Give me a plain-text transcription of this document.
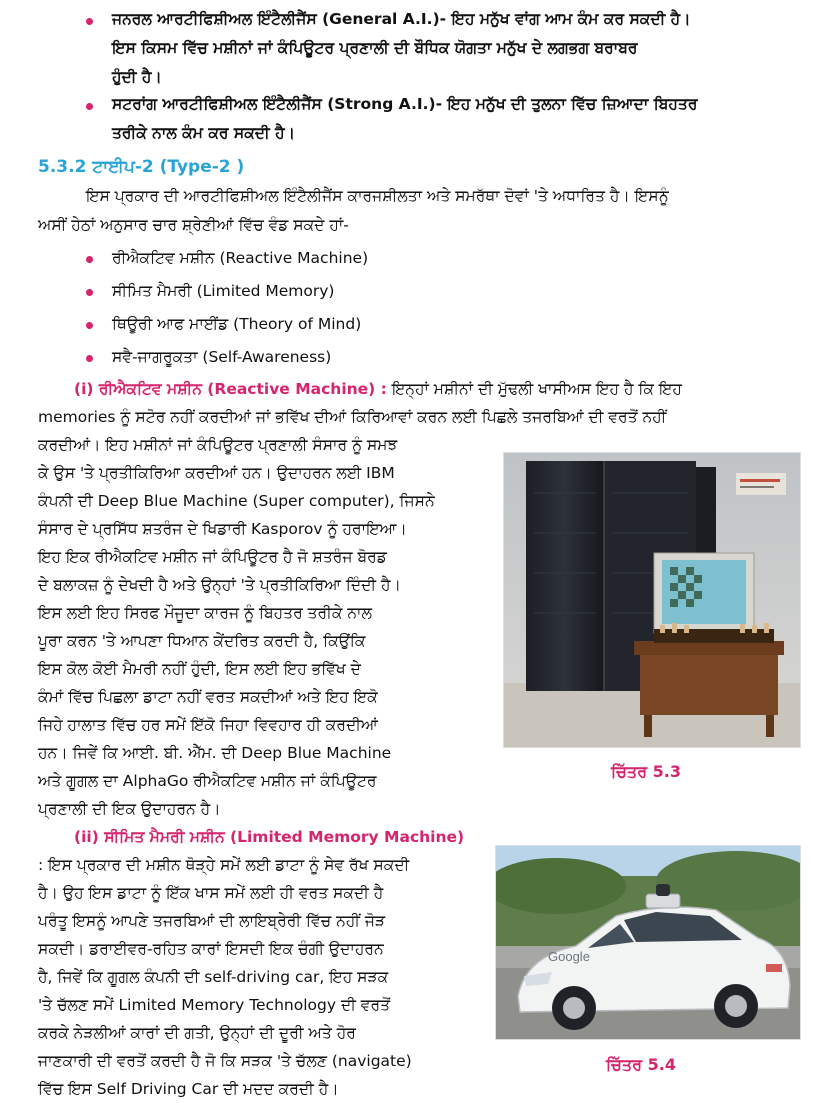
ਜਨਰਲ ਆਰਟੀਫਿਸ਼ੀਅਲ ਇੰਟੈਲੀਜੈਂਸ (General A.I.)- ਇਹ ਮਨੁੱਖ ਵਾਂਗ ਆਮ ਕੰਮ ਕਰ ਸਕਦੀ ਹੈ।
ਇਸ ਕਿਸਮ ਵਿੱਚ ਮਸ਼ੀਨਾਂ ਜਾਂ ਕੰਪਿਊਟਰ ਪ੍ਰਣਾਲੀ ਦੀ ਬੌਧਿਕ ਯੋਗਤਾ ਮਨੁੱਖ ਦੇ ਲਗਭਗ ਬਰਾਬਰ
ਹੁੰਦੀ ਹੈ।
ਸਟਰਾਂਗ ਆਰਟੀਫਿਸ਼ੀਅਲ ਇੰਟੈਲੀਜੈਂਸ (Strong A.I.)- ਇਹ ਮਨੁੱਖ ਦੀ ਤੁਲਨਾ ਵਿੱਚ ਜ਼ਿਆਦਾ ਬਿਹਤਰ
ਤਰੀਕੇ ਨਾਲ ਕੰਮ ਕਰ ਸਕਦੀ ਹੈ।
5.3.2 ਟਾਈਪ-2 (Type-2 )
ਇਸ ਪ੍ਰਕਾਰ ਦੀ ਆਰਟੀਫਿਸ਼ੀਅਲ ਇੰਟੈਲੀਜੈਂਸ ਕਾਰਜਸ਼ੀਲਤਾ ਅਤੇ ਸਮਰੱਥਾ ਦੋਵਾਂ 'ਤੇ ਅਧਾਰਿਤ ਹੈ। ਇਸਨੂੰ
ਅਸੀਂ ਹੇਠਾਂ ਅਨੁਸਾਰ ਚਾਰ ਸ਼੍ਰੇਣੀਆਂ ਵਿੱਚ ਵੰਡ ਸਕਦੇ ਹਾਂ-
ਰੀਐਕਟਿਵ ਮਸ਼ੀਨ (Reactive Machine)
ਸੀਮਿਤ ਮੈਮਰੀ (Limited Memory)
ਥਿਊਰੀ ਆਫ ਮਾਈਂਡ (Theory of Mind)
ਸਵੈ-ਜਾਗਰੂਕਤਾ (Self-Awareness)
(i) ਰੀਐਕਟਿਵ ਮਸ਼ੀਨ (Reactive Machine) : ਇਨ੍ਹਾਂ ਮਸ਼ੀਨਾਂ ਦੀ ਮੁੱਢਲੀ ਖਾਸੀਅਸ ਇਹ ਹੈ ਕਿ ਇਹ
memories ਨੂੰ ਸਟੋਰ ਨਹੀਂ ਕਰਦੀਆਂ ਜਾਂ ਭਵਿੱਖ ਦੀਆਂ ਕਿਰਿਆਵਾਂ ਕਰਨ ਲਈ ਪਿਛਲੇ ਤਜਰਬਿਆਂ ਦੀ ਵਰਤੋਂ ਨਹੀਂ
ਕਰਦੀਆਂ। ਇਹ ਮਸ਼ੀਨਾਂ ਜਾਂ ਕੰਪਿਊਟਰ ਪ੍ਰਣਾਲੀ ਸੰਸਾਰ ਨੂੰ ਸਮਝ
ਕੇ ਉਸ 'ਤੇ ਪ੍ਰਤੀਕਿਰਿਆ ਕਰਦੀਆਂ ਹਨ। ਉਦਾਹਰਨ ਲਈ IBM
ਕੰਪਨੀ ਦੀ Deep Blue Machine (Super computer), ਜਿਸਨੇ
ਸੰਸਾਰ ਦੇ ਪ੍ਰਸਿੱਧ ਸ਼ਤਰੰਜ ਦੇ ਖਿਡਾਰੀ Kasporov ਨੂੰ ਹਰਾਇਆ।
ਇਹ ਇਕ ਰੀਐਕਟਿਵ ਮਸ਼ੀਨ ਜਾਂ ਕੰਪਿਊਟਰ ਹੈ ਜੋ ਸ਼ਤਰੰਜ ਬੋਰਡ
ਦੇ ਬਲਾਕਜ਼ ਨੂੰ ਦੇਖਦੀ ਹੈ ਅਤੇ ਉਨ੍ਹਾਂ 'ਤੇ ਪ੍ਰਤੀਕਿਰਿਆ ਦਿੰਦੀ ਹੈ।
ਇਸ ਲਈ ਇਹ ਸਿਰਫ ਮੌਜੂਦਾ ਕਾਰਜ ਨੂੰ ਬਿਹਤਰ ਤਰੀਕੇ ਨਾਲ
ਪੂਰਾ ਕਰਨ 'ਤੇ ਆਪਣਾ ਧਿਆਨ ਕੇਂਦਰਿਤ ਕਰਦੀ ਹੈ, ਕਿਉਂਕਿ
ਇਸ ਕੋਲ ਕੋਈ ਮੈਮਰੀ ਨਹੀਂ ਹੁੰਦੀ, ਇਸ ਲਈ ਇਹ ਭਵਿੱਖ ਦੇ
ਕੰਮਾਂ ਵਿੱਚ ਪਿਛਲਾ ਡਾਟਾ ਨਹੀਂ ਵਰਤ ਸਕਦੀਆਂ ਅਤੇ ਇਹ ਇਕੋ
ਜਿਹੇ ਹਾਲਾਤ ਵਿੱਚ ਹਰ ਸਮੇਂ ਇੱਕੋ ਜਿਹਾ ਵਿਵਹਾਰ ਹੀ ਕਰਦੀਆਂ
ਹਨ। ਜਿਵੇਂ ਕਿ ਆਈ. ਬੀ. ਐੱਮ. ਦੀ Deep Blue Machine
ਅਤੇ ਗੂਗਲ ਦਾ AlphaGo ਰੀਐਕਟਿਵ ਮਸ਼ੀਨ ਜਾਂ ਕੰਪਿਊਟਰ
ਪ੍ਰਣਾਲੀ ਦੀ ਇਕ ਉਦਾਹਰਨ ਹੈ।
ਚਿੱਤਰ 5.3
(ii) ਸੀਮਿਤ ਮੈਮਰੀ ਮਸ਼ੀਨ (Limited Memory Machine)
: ਇਸ ਪ੍ਰਕਾਰ ਦੀ ਮਸ਼ੀਨ ਥੋੜ੍ਹੇ ਸਮੇਂ ਲਈ ਡਾਟਾ ਨੂੰ ਸੇਵ ਰੱਖ ਸਕਦੀ
ਹੈ। ਉਹ ਇਸ ਡਾਟਾ ਨੂੰ ਇੱਕ ਖਾਸ ਸਮੇਂ ਲਈ ਹੀ ਵਰਤ ਸਕਦੀ ਹੈ
ਪਰੰਤੂ ਇਸਨੂੰ ਆਪਣੇ ਤਜਰਬਿਆਂ ਦੀ ਲਾਇਬ੍ਰੇਰੀ ਵਿੱਚ ਨਹੀਂ ਜੋੜ
ਸਕਦੀ। ਡਰਾਈਵਰ-ਰਹਿਤ ਕਾਰਾਂ ਇਸਦੀ ਇਕ ਚੰਗੀ ਉਦਾਹਰਨ
ਹੈ, ਜਿਵੇਂ ਕਿ ਗੂਗਲ ਕੰਪਨੀ ਦੀ self-driving car, ਇਹ ਸੜਕ
'ਤੇ ਚੱਲਣ ਸਮੇਂ Limited Memory Technology ਦੀ ਵਰਤੋਂ
ਕਰਕੇ ਨੇੜਲੀਆਂ ਕਾਰਾਂ ਦੀ ਗਤੀ, ਉਨ੍ਹਾਂ ਦੀ ਦੂਰੀ ਅਤੇ ਹੋਰ
ਜਾਣਕਾਰੀ ਦੀ ਵਰਤੋਂ ਕਰਦੀ ਹੈ ਜੋ ਕਿ ਸੜਕ 'ਤੇ ਚੱਲਣ (navigate)
ਵਿੱਚ ਇਸ Self Driving Car ਦੀ ਮਦਦ ਕਰਦੀ ਹੈ।
Google
ਚਿੱਤਰ 5.4
